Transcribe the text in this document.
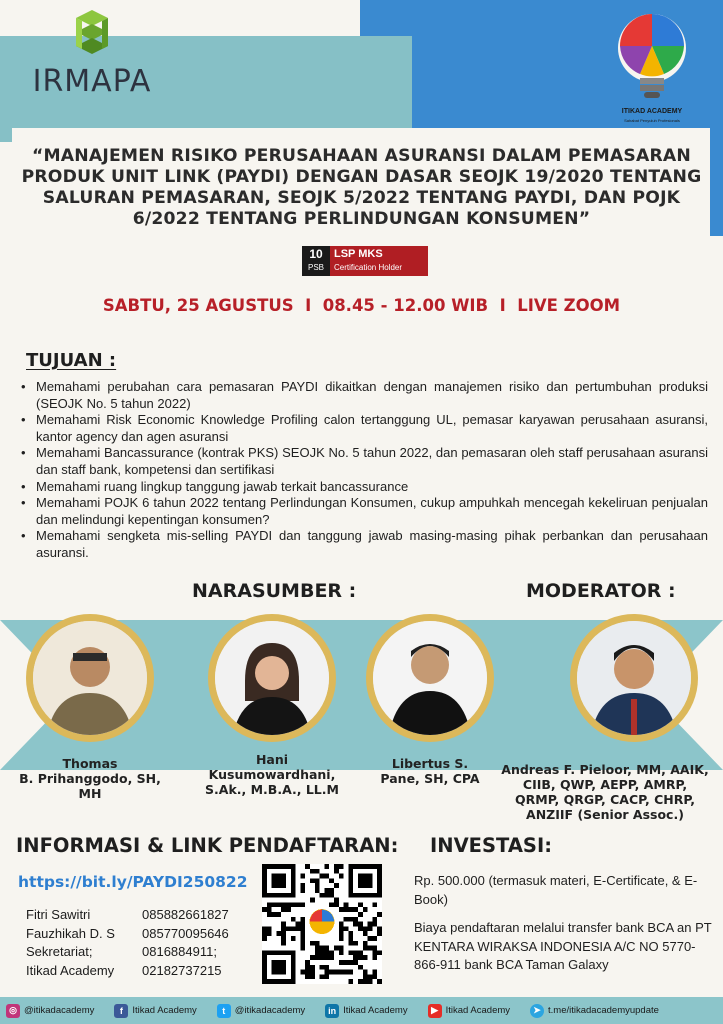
IRMAPA
ITIKAD ACADEMY
Sahabat Penyuluh Profesionals
“MANAJEMEN RISIKO PERUSAHAAN ASURANSI DALAM PEMASARAN PRODUK UNIT LINK (PAYDI) DENGAN DASAR SEOJK 19/2020 TENTANG SALURAN PEMASARAN, SEOJK 5/2022 TENTANG PAYDI, DAN POJK 6/2022 TENTANG PERLINDUNGAN KONSUMEN”
10
PSB
LSP MKS
Certification Holder
SABTU, 25 AGUSTUS  I  08.45 - 12.00 WIB  I  LIVE ZOOM
TUJUAN :
• Memahami perubahan cara pemasaran PAYDI dikaitkan dengan manajemen risiko dan pertumbuhan produksi (SEOJK No. 5 tahun 2022)
• Memahami Risk Economic Knowledge Profiling calon tertanggung UL, pemasar karyawan perusahaan asuransi, kantor agency dan agen asuransi
• Memahami Bancassurance (kontrak PKS) SEOJK No. 5 tahun 2022, dan pemasaran oleh staff perusahaan asuransi dan staff bank, kompetensi dan sertifikasi
• Memahami ruang lingkup tanggung jawab terkait bancassurance
• Memahami POJK 6 tahun 2022 tentang Perlindungan Konsumen, cukup ampuhkah mencegah kekeliruan penjualan dan melindungi kepentingan konsumen?
• Memahami sengketa mis-selling PAYDI dan tanggung jawab masing-masing pihak perbankan dan perusahaan asuransi.
NARASUMBER :	MODERATOR :
Thomas
B. Prihanggodo, SH, MH
Hani Kusumowardhani, S.Ak., M.B.A., LL.M
Libertus S.
Pane, SH, CPA
Andreas F. Pieloor, MM, AAIK,
CIIB, QWP, AEPP, AMRP,
QRMP, QRGP, CACP, CHRP,
ANZIIF (Senior Assoc.)
INFORMASI & LINK PENDAFTARAN:
https://bit.ly/PAYDI250822
Fitri Sawitri	085882661827
Fauzhikah D. S	085770095646
Sekretariat;	0816884911;
Itikad Academy	02182737215
INVESTASI:

Rp. 500.000 (termasuk materi, E-Certificate, & E-Book)

Biaya pendaftaran melalui transfer bank BCA an PT KENTARA WIRAKSA INDONESIA A/C NO 5770-866-911 bank BCA Taman Galaxy

◎ @itikadacademy	f	Itikad Academy	t	@itikadacademy	in Itikad Academy	▶ Itikad Academy	➤ t.me/itikadacademyupdate
